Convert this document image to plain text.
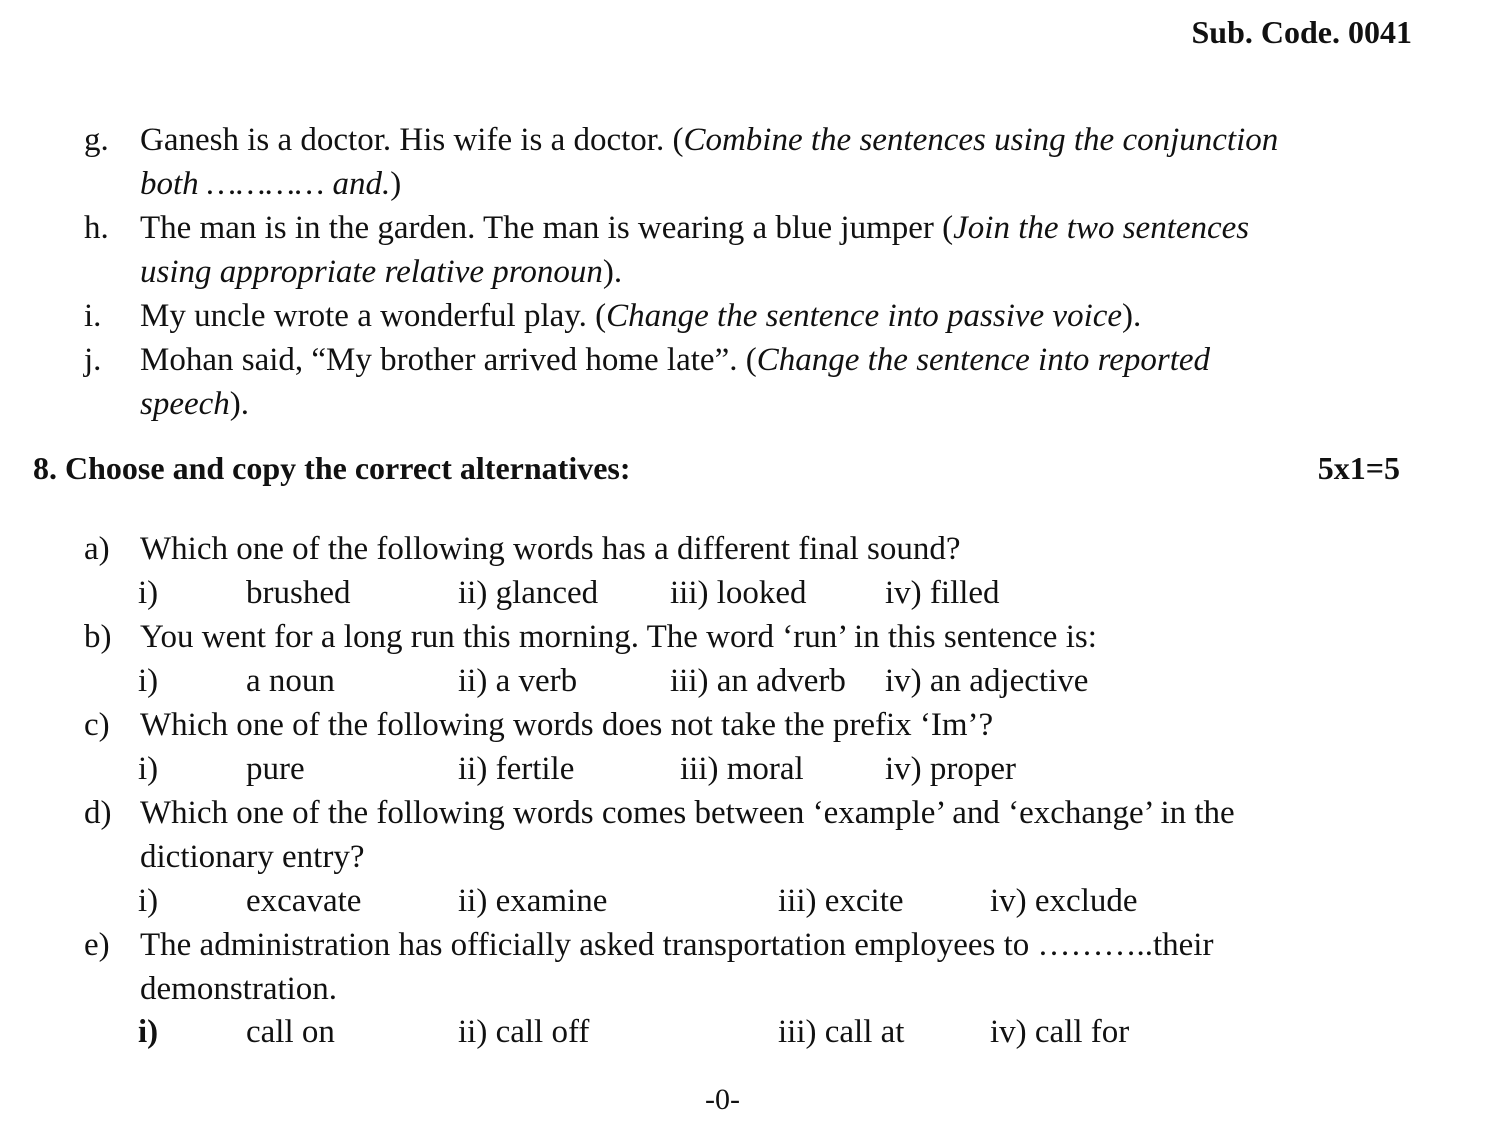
Sub. Code. 0041
g. Ganesh is a doctor. His wife is a doctor. (Combine the sentences using the conjunction
both ………… and.)
h. The man is in the garden. The man is wearing a blue jumper (Join the two sentences
using appropriate relative pronoun).
i. My uncle wrote a wonderful play. (Change the sentence into passive voice).
j. Mohan said, “My brother arrived home late”. (Change the sentence into reported
speech).
8. Choose and copy the correct alternatives:	5x1=5
a) Which one of the following words has a different final sound?
i)	brushed	ii) glanced iii) looked iv) filled
b) You went for a long run this morning. The word ‘run’ in this sentence is:
i)	a noun	ii) a verb	iii) an adverb iv) an adjective
c) Which one of the following words does not take the prefix ‘Im’?
i)	pure	ii) fertile	iii) moral iv) proper
d) Which one of the following words comes between ‘example’ and ‘exchange’ in the
dictionary entry?
i)	excavate	ii) examine	iii) excite	iv) exclude
e) The administration has officially asked transportation employees to ………..their
demonstration.
i)	call on	ii) call off	iii) call at	iv) call for
-0-
